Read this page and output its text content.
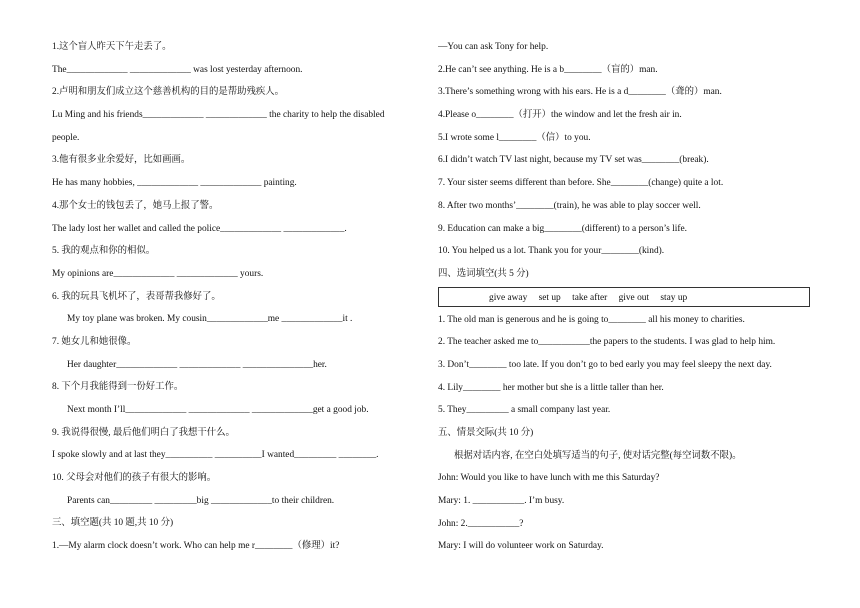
1.这个盲人昨天下午走丢了。
The_____________ _____________ was lost yesterday afternoon.
2.卢明和朋友们成立这个慈善机构的目的是帮助残疾人。
Lu Ming and his friends_____________ _____________ the charity to help the disabled
people.
3.他有很多业余爱好，比如画画。
He has many hobbies, _____________ _____________ painting.
4.那个女士的钱包丢了，她马上报了警。
The lady lost her wallet and called the police_____________ _____________.
5. 我的观点和你的相似。
My opinions are_____________ _____________ yours.
6. 我的玩具飞机坏了，表哥帮我修好了。
My toy plane was broken. My cousin_____________me _____________it .
7. 她女儿和她很像。
Her daughter_____________ _____________ _______________her.
8. 下个月我能得到一份好工作。
Next month I’ll_____________ _____________ _____________get a good job.
9. 我说得很慢, 最后他们明白了我想干什么。
I spoke slowly and at last they__________ __________I wanted_________ ________.
10. 父母会对他们的孩子有很大的影响。
Parents can_________ _________big _____________to their children.
三、填空题(共 10 题,共 10 分)
1.—My alarm clock doesn’t work. Who can help me r________（修理）it?
—You can ask Tony for help.
2.He can’t see anything. He is a b________（盲的）man.
3.There’s something wrong with his ears. He is a d________（聋的）man.
4.Please o________（打开）the window and let the fresh air in.
5.I wrote some l________（信）to you.
6.I didn’t watch TV last night, because my TV set was________(break).
7. Your sister seems different than before. She________(change) quite a lot.
8. After two months’________(train), he was able to play soccer well.
9. Education can make a big________(different) to a person’s life.
10. You helped us a lot. Thank you for your________(kind).
四、选词填空(共 5 分)
give away set up take after give out stay up
1. The old man is generous and he is going to________ all his money to charities.
2. The teacher asked me to___________the papers to the students. I was glad to help him.
3. Don’t________ too late. If you don’t go to bed early you may feel sleepy the next day.
4. Lily________ her mother but she is a little taller than her.
5. They_________ a small company last year.
五、情景交际(共 10 分)
根据对话内容, 在空白处填写适当的句子, 使对话完整(每空词数不限)。
John: Would you like to have lunch with me this Saturday?
Mary: 1. ___________. I’m busy.
John: 2.___________?
Mary: I will do volunteer work on Saturday.
